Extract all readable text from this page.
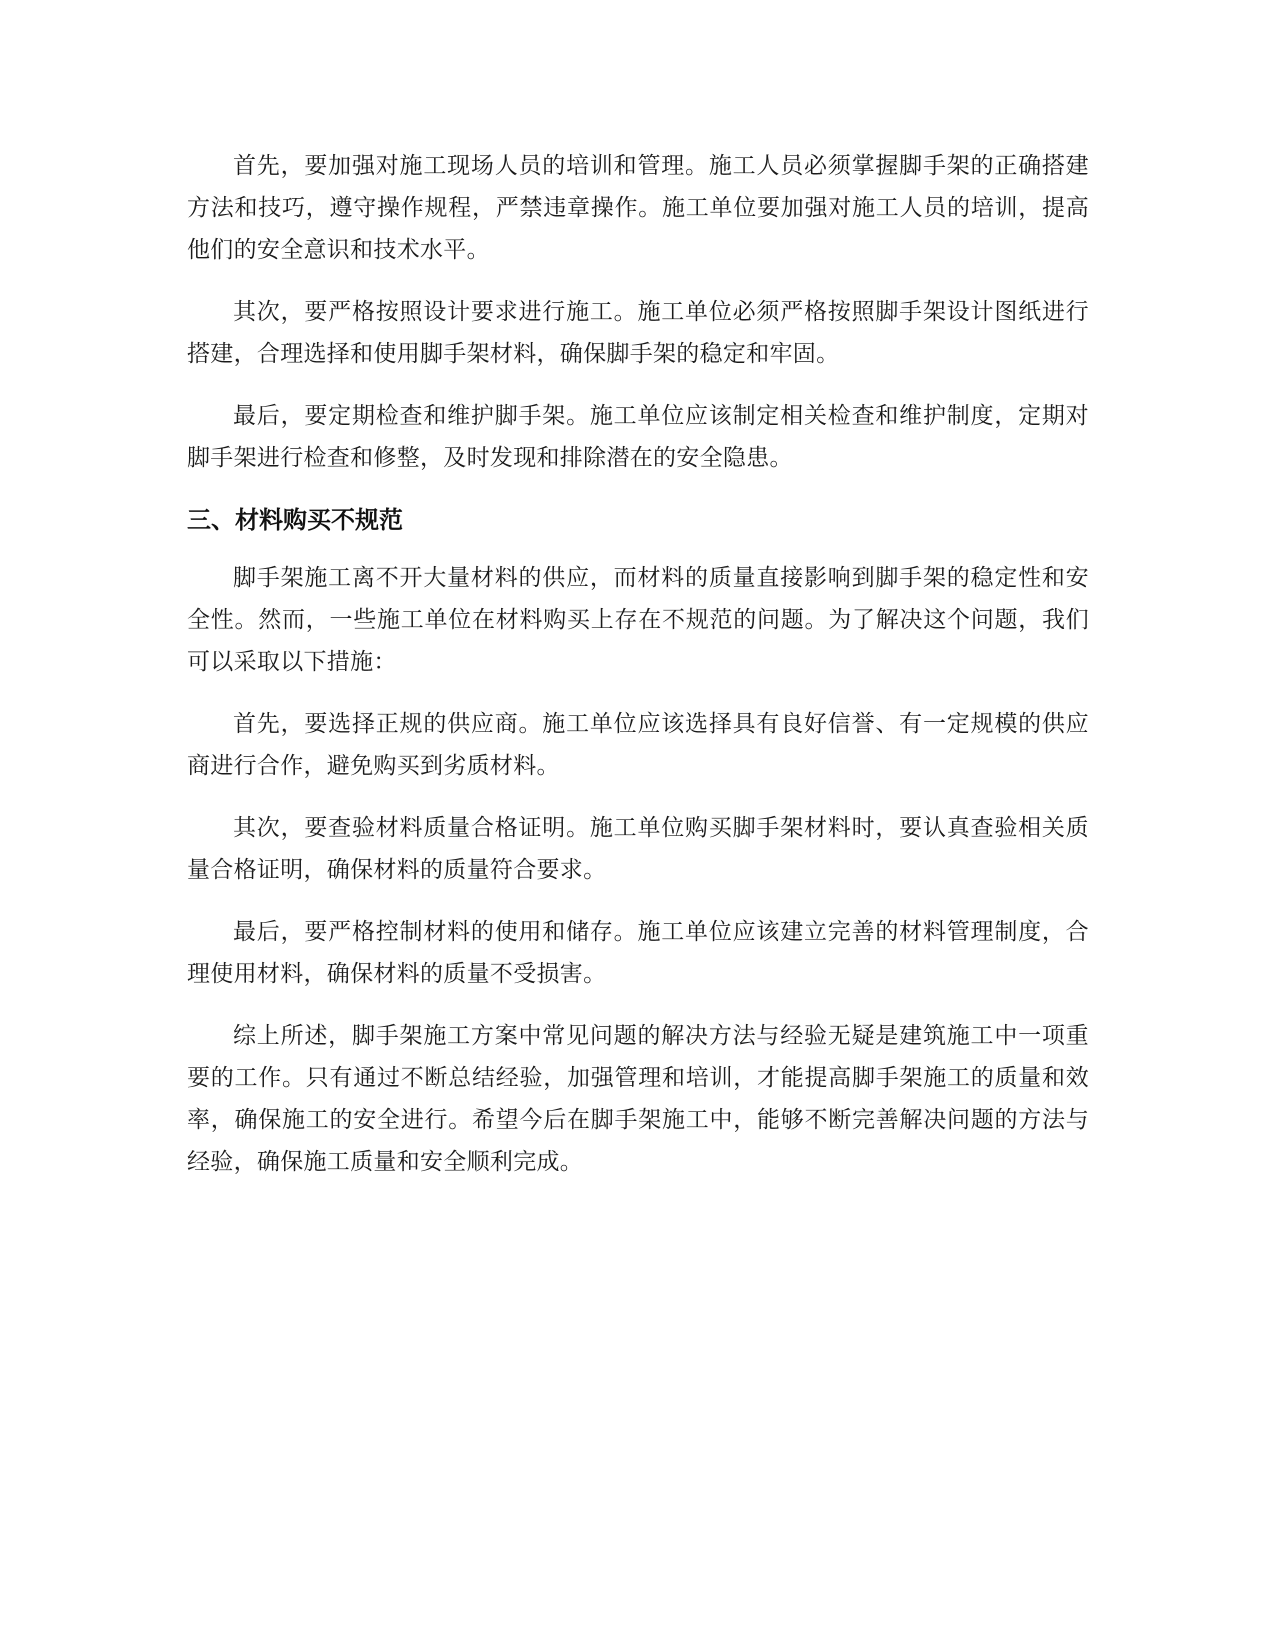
首先，要加强对施工现场人员的培训和管理。施工人员必须掌握脚手架的正确搭建方法和技巧，遵守操作规程，严禁违章操作。施工单位要加强对施工人员的培训，提高他们的安全意识和技术水平。

其次，要严格按照设计要求进行施工。施工单位必须严格按照脚手架设计图纸进行搭建，合理选择和使用脚手架材料，确保脚手架的稳定和牢固。

最后，要定期检查和维护脚手架。施工单位应该制定相关检查和维护制度，定期对脚手架进行检查和修整，及时发现和排除潜在的安全隐患。

三、材料购买不规范

脚手架施工离不开大量材料的供应，而材料的质量直接影响到脚手架的稳定性和安全性。然而，一些施工单位在材料购买上存在不规范的问题。为了解决这个问题，我们可以采取以下措施：

首先，要选择正规的供应商。施工单位应该选择具有良好信誉、有一定规模的供应商进行合作，避免购买到劣质材料。

其次，要查验材料质量合格证明。施工单位购买脚手架材料时，要认真查验相关质量合格证明，确保材料的质量符合要求。

最后，要严格控制材料的使用和储存。施工单位应该建立完善的材料管理制度，合理使用材料，确保材料的质量不受损害。

综上所述，脚手架施工方案中常见问题的解决方法与经验无疑是建筑施工中一项重要的工作。只有通过不断总结经验，加强管理和培训，才能提高脚手架施工的质量和效率，确保施工的安全进行。希望今后在脚手架施工中，能够不断完善解决问题的方法与经验，确保施工质量和安全顺利完成。
